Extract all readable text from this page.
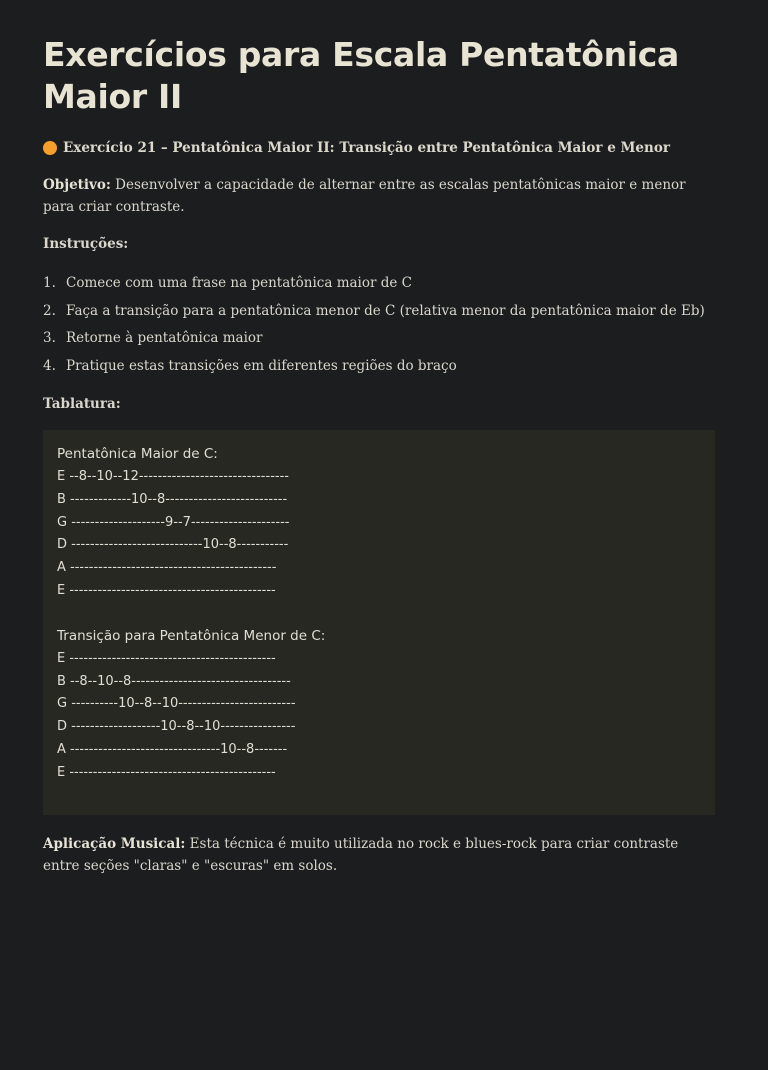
Exercícios para Escala Pentatônica Maior II
Exercício 21 – Pentatônica Maior II: Transição entre Pentatônica Maior e Menor

Objetivo: Desenvolver a capacidade de alternar entre as escalas pentatônicas maior e menor para criar contraste.

Instruções:
1. Comece com uma frase na pentatônica maior de C
2. Faça a transição para a pentatônica menor de C (relativa menor da pentatônica maior de Eb)
3. Retorne à pentatônica maior
4. Pratique estas transições em diferentes regiões do braço
Tablatura:
Pentatônica Maior de C:
E --8--10--12--------------------------------
B -------------10--8--------------------------
G --------------------9--7---------------------
D ----------------------------10--8-----------
A --------------------------------------------
E --------------------------------------------
Transição para Pentatônica Menor de C:
E --------------------------------------------
B --8--10--8----------------------------------
G ----------10--8--10-------------------------
D -------------------10--8--10----------------
A --------------------------------10--8-------
E --------------------------------------------

Aplicação Musical: Esta técnica é muito utilizada no rock e blues-rock para criar contraste entre seções "claras" e "escuras" em solos.
